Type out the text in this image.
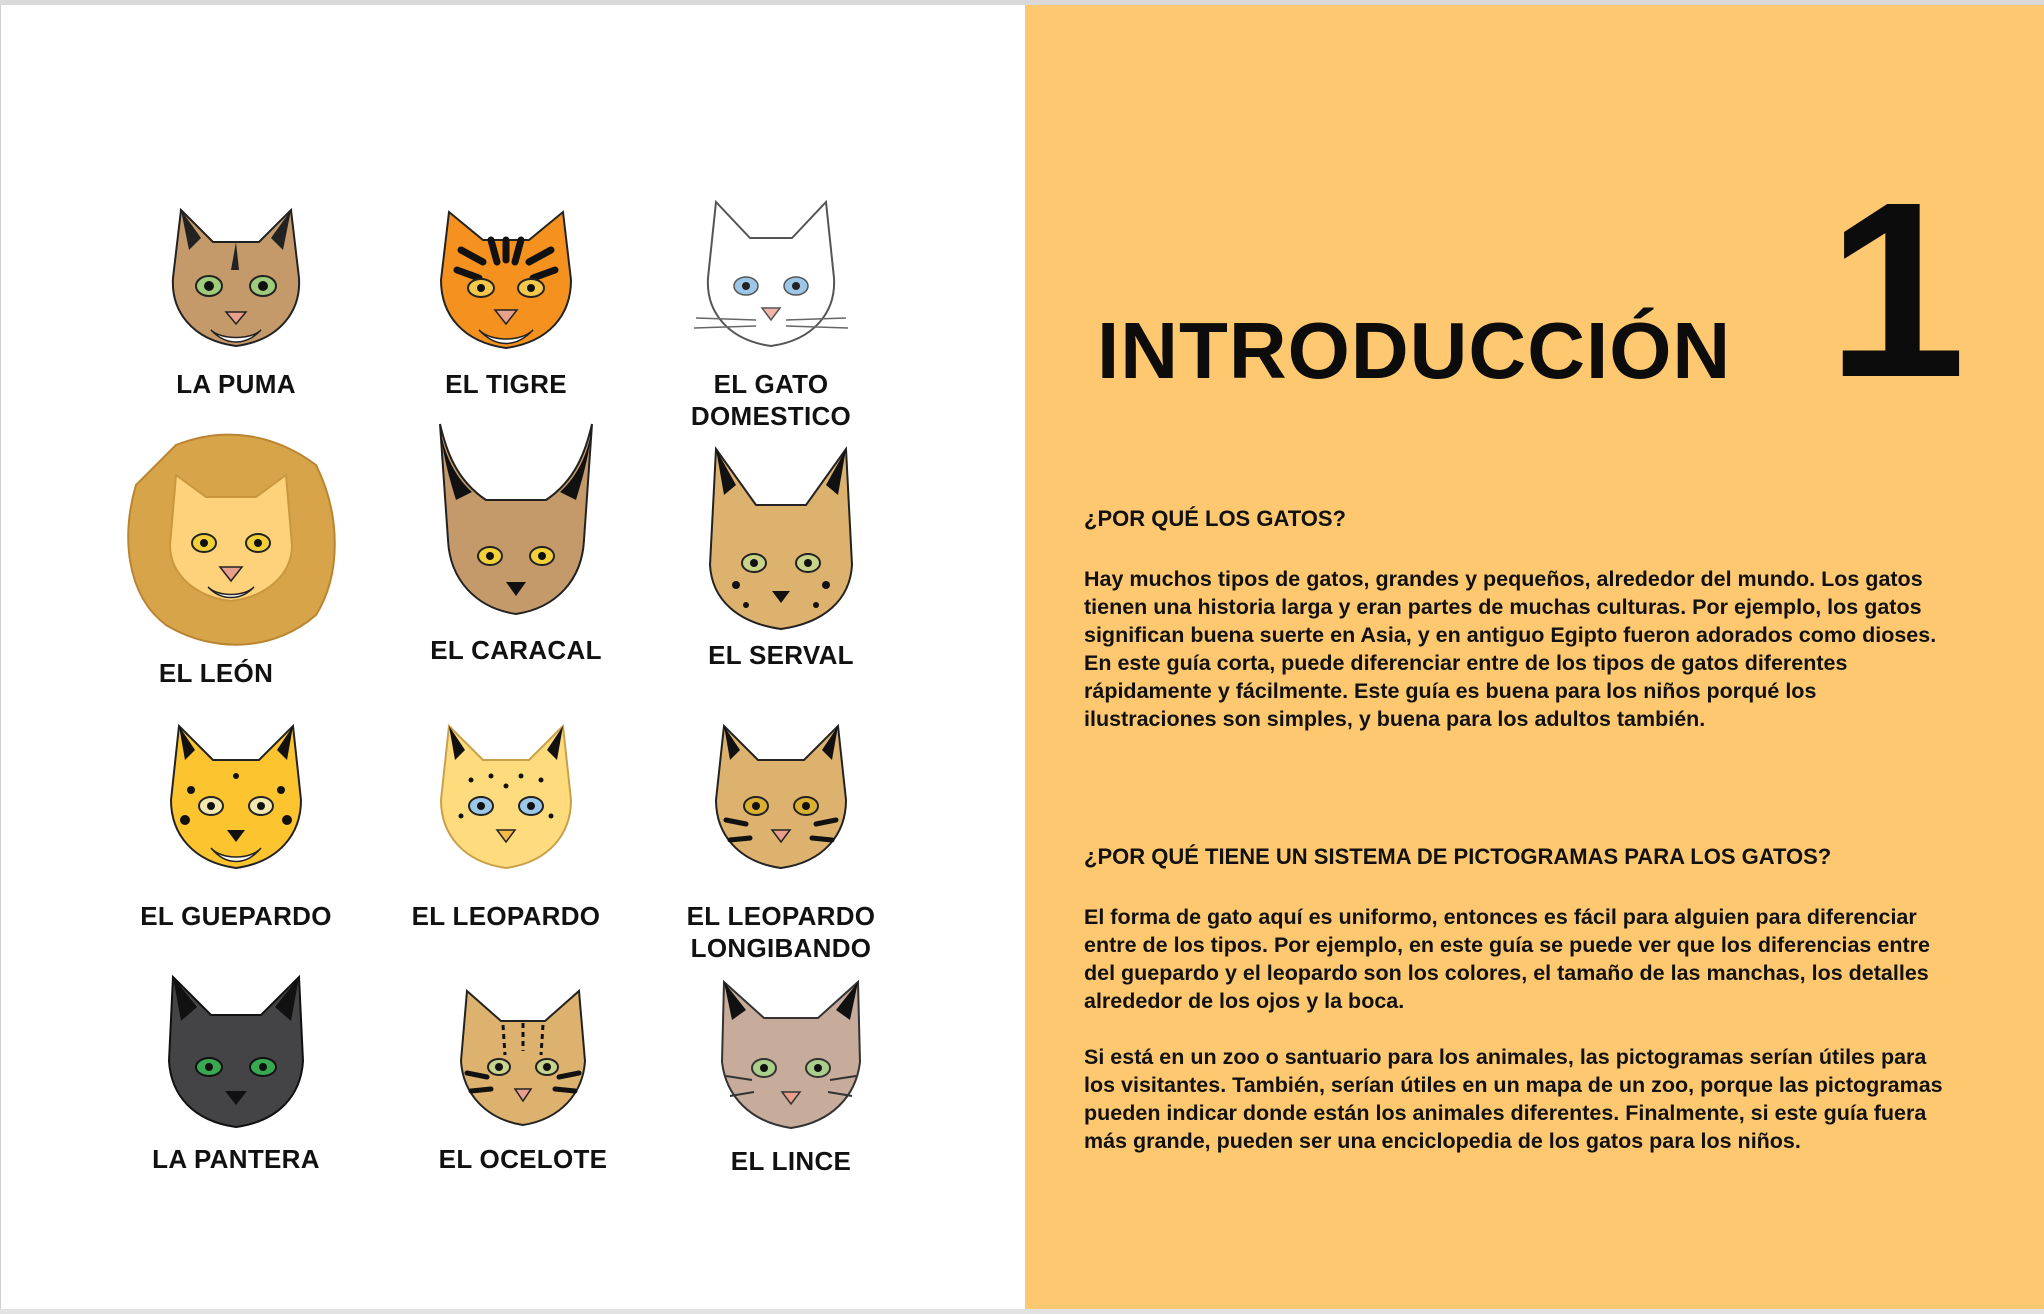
LA PUMA	EL TIGRE	EL GATO
DOMESTICO
EL LEÓN
EL CARACAL	EL SERVAL
EL GUEPARDO	EL LEOPARDO	EL LEOPARDO
LONGIBANDO
LA PANTERA	EL OCELOTE	EL LINCE
INTRODUCCIÓN 1
¿POR QUÉ LOS GATOS?

Hay muchos tipos de gatos, grandes y pequeños, alrededor del mundo. Los gatos tienen una historia larga y eran partes de muchas culturas. Por ejemplo, los gatos significan buena suerte en Asia, y en antiguo Egipto fueron adorados como dioses. En este guía corta, puede diferenciar entre de los tipos de gatos diferentes rápidamente y fácilmente. Este guía es buena para los niños porqué los ilustraciones son simples, y buena para los adultos también.

¿POR QUÉ TIENE UN SISTEMA DE PICTOGRAMAS PARA LOS GATOS?

El forma de gato aquí es uniformo, entonces es fácil para alguien para diferenciar entre de los tipos. Por ejemplo, en este guía se puede ver que los diferencias entre del guepardo y el leopardo son los colores, el tamaño de las manchas, los detalles alrededor de los ojos y la boca.

Si está en un zoo o santuario para los animales, las pictogramas serían útiles para los visitantes. También, serían útiles en un mapa de un zoo, porque las pictogramas pueden indicar donde están los animales diferentes. Finalmente, si este guía fuera más grande, pueden ser una enciclopedia de los gatos para los niños.
